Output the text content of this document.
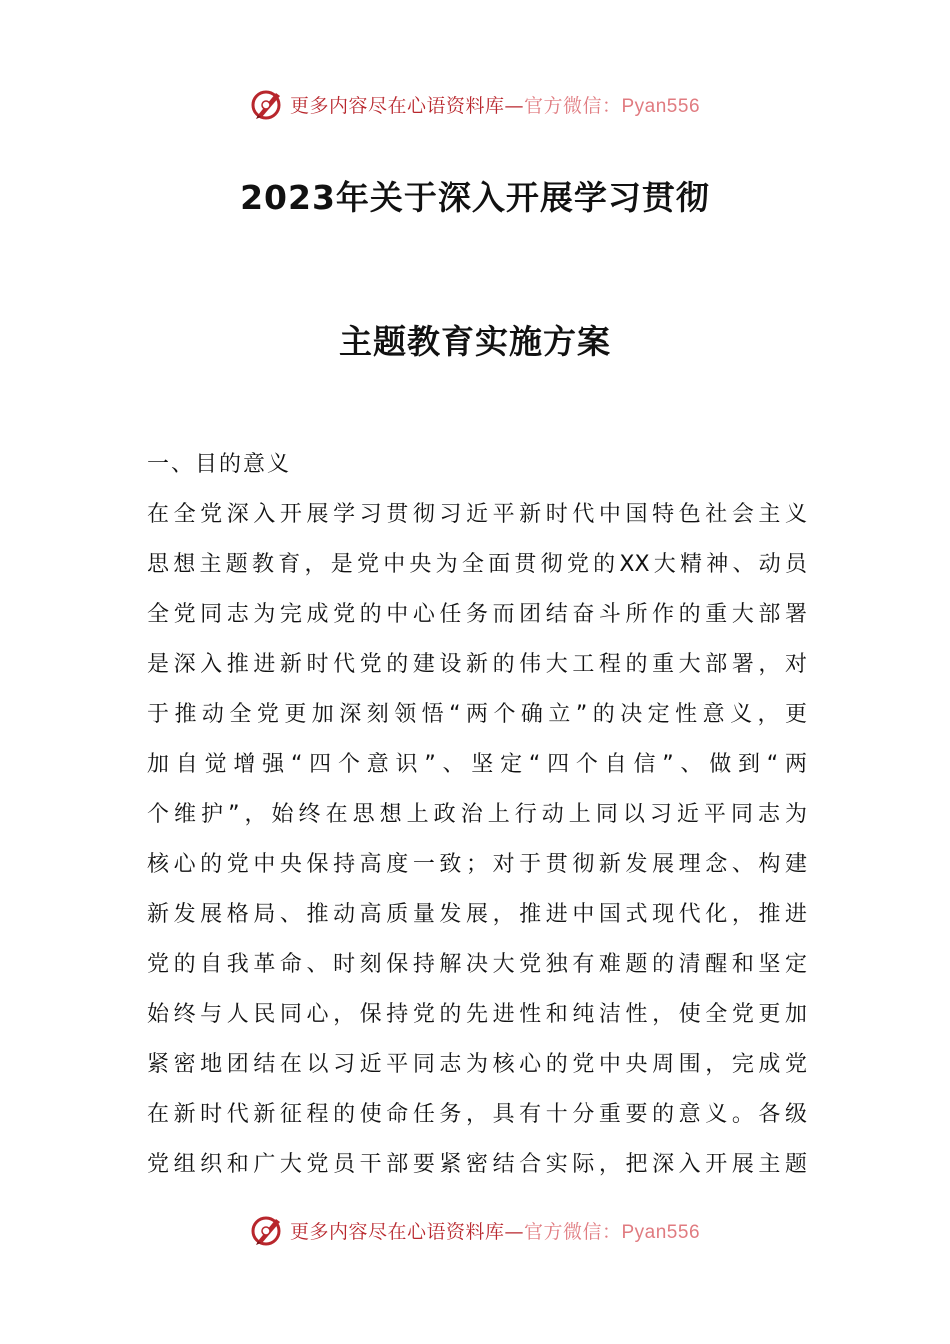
更多内容尽在心语资料库—官方微信：Pyan556
2023年关于深入开展学习贯彻
主题教育实施方案
一、目的意义
在全党深入开展学习贯彻习近平新时代中国特色社会主义
思想主题教育，是党中央为全面贯彻党的XX大精神、动员
全党同志为完成党的中心任务而团结奋斗所作的重大部署
是深入推进新时代党的建设新的伟大工程的重大部署，对
于推动全党更加深刻领悟“两个确立”的决定性意义，更
加自觉增强“四个意识”、坚定“四个自信”、做到“两
个维护”，始终在思想上政治上行动上同以习近平同志为
核心的党中央保持高度一致；对于贯彻新发展理念、构建
新发展格局、推动高质量发展，推进中国式现代化，推进
党的自我革命、时刻保持解决大党独有难题的清醒和坚定
始终与人民同心，保持党的先进性和纯洁性，使全党更加
紧密地团结在以习近平同志为核心的党中央周围，完成党
在新时代新征程的使命任务，具有十分重要的意义。各级
党组织和广大党员干部要紧密结合实际，把深入开展主题
更多内容尽在心语资料库—官方微信：Pyan556
